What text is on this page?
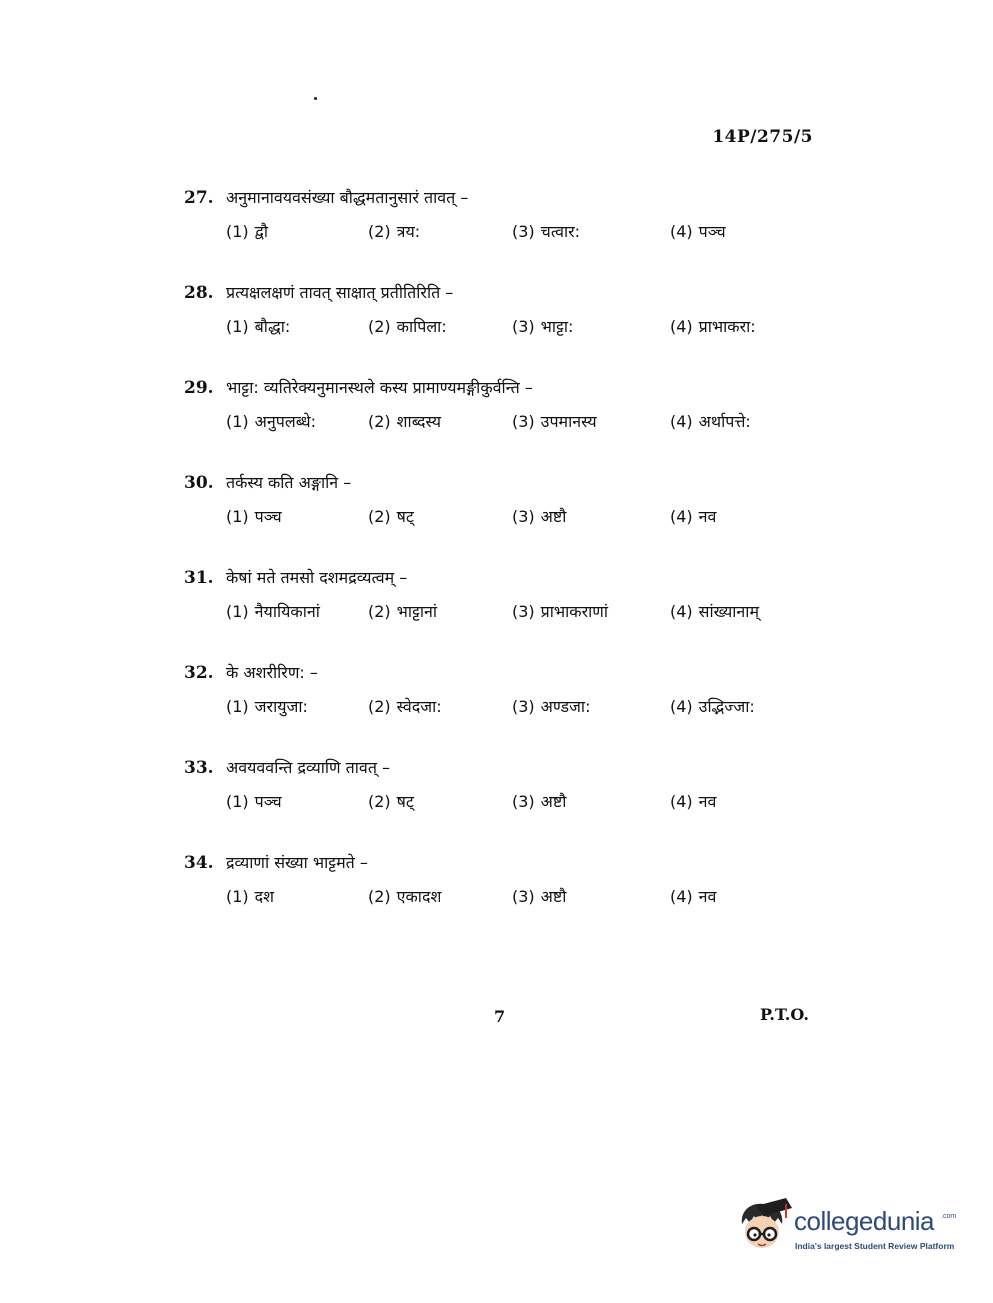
14P/275/5
27. अनुमानावयवसंख्या बौद्धमतानुसारं तावत् –
(1) द्वौ	(2) त्रय:	(3) चत्वार:	(4) पञ्च
28. प्रत्यक्षलक्षणं तावत् साक्षात् प्रतीतिरिति –
(1) बौद्धा:	(2) कापिला:	(3) भाट्टा:	(4) प्राभाकरा:
29. भाट्टा: व्यतिरेक्यनुमानस्थले कस्य प्रामाण्यमङ्गीकुर्वन्ति –
(1) अनुपलब्धे:	(2) शाब्दस्य	(3) उपमानस्य	(4) अर्थापत्ते:
30. तर्कस्य कति अङ्गानि –
(1) पञ्च	(2) षट्	(3) अष्टौ	(4) नव
31. केषां मते तमसो दशमद्रव्यत्वम् –
(1) नैयायिकानां	(2) भाट्टानां	(3) प्राभाकराणां	(4) सांख्यानाम्
32. के अशरीरिण: –
(1) जरायुजा:	(2) स्वेदजा:	(3) अण्डजा:	(4) उद्भिज्जा:
33. अवयववन्ति द्रव्याणि तावत् –
(1) पञ्च	(2) षट्	(3) अष्टौ	(4) नव
34. द्रव्याणां संख्या भाट्टमते –
(1) दश	(2) एकादश	(3) अष्टौ	(4) नव
7	P.T.O.
collegedunia .com
India's largest Student Review Platform
